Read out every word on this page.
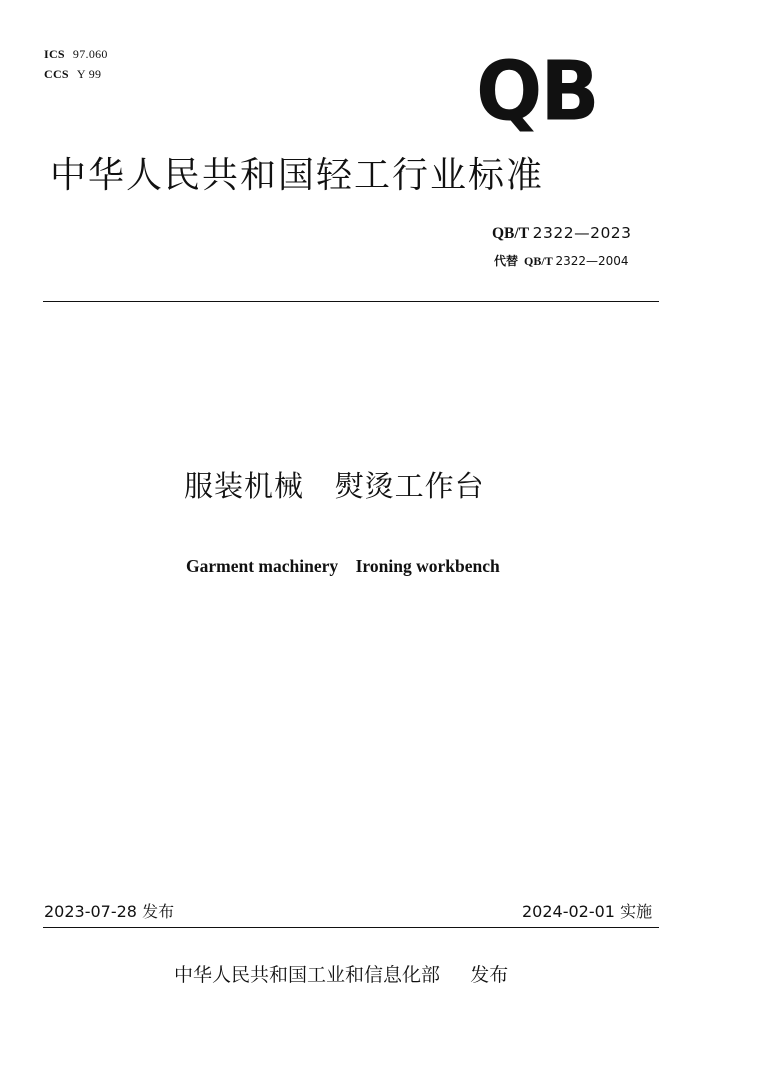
ICS 97.060
CCS Y 99	QB
中华人民共和国轻工行业标准
QB/T 2322—2023
代替 QB/T 2322—2004
服装机械   熨烫工作台
Garment machinery    Ironing workbench
2023-07-28 发布	2024-02-01 实施
中华人民共和国工业和信息化部     发布
